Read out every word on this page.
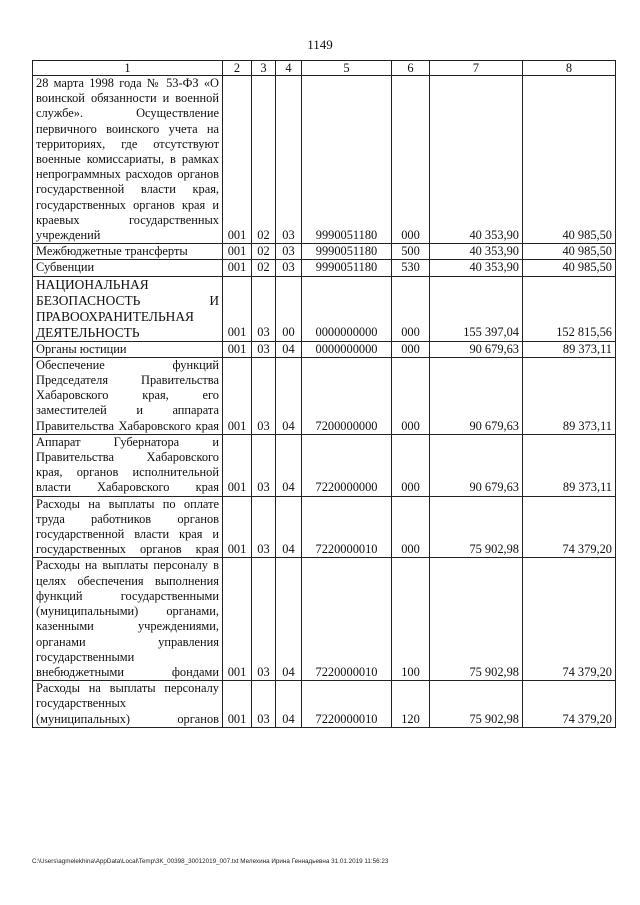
1149
1	2	3	4	5	6	7	8
28 марта 1998 года № 53-ФЗ «О воинской обязанности и военной службе». Осуществление первичного воинского учета на территориях, где отсутствуют военные комиссариаты, в рамках непрограммных расходов органов государственной власти края, государственных органов края и краевых государственных учреждений	001	02	03	9990051180	000	40 353,90	40 985,50
Межбюджетные трансферты	001	02	03	9990051180	500	40 353,90	40 985,50
Субвенции	001	02	03	9990051180	530	40 353,90	40 985,50
НАЦИОНАЛЬНАЯ БЕЗОПАСНОСТЬ И ПРАВООХРАНИТЕЛЬНАЯ ДЕЯТЕЛЬНОСТЬ	001	03	00	0000000000	000	155 397,04	152 815,56
Органы юстиции	001	03	04	0000000000	000	90 679,63	89 373,11
Обеспечение функций Председателя Правительства Хабаровского края, его заместителей и аппарата Правительства Хабаровского края	001	03	04	7200000000	000	90 679,63	89 373,11
Аппарат Губернатора и Правительства Хабаровского края, органов исполнительной власти Хабаровского края	001	03	04	7220000000	000	90 679,63	89 373,11
Расходы на выплаты по оплате труда работников органов государственной власти края и государственных органов края	001	03	04	7220000010	000	75 902,98	74 379,20
Расходы на выплаты персоналу в целях обеспечения выполнения функций государственными (муниципальными) органами, казенными учреждениями, органами управления государственными внебюджетными фондами	001	03	04	7220000010	100	75 902,98	74 379,20
Расходы на выплаты персоналу государственных (муниципальных) органов	001	03	04	7220000010	120	75 902,98	74 379,20
C:\Users\agmelekhina\AppData\Local\Temp\3K_00398_30012019_007.txt Мелехина Ирина Геннадьевна 31.01.2019 11:56:23
